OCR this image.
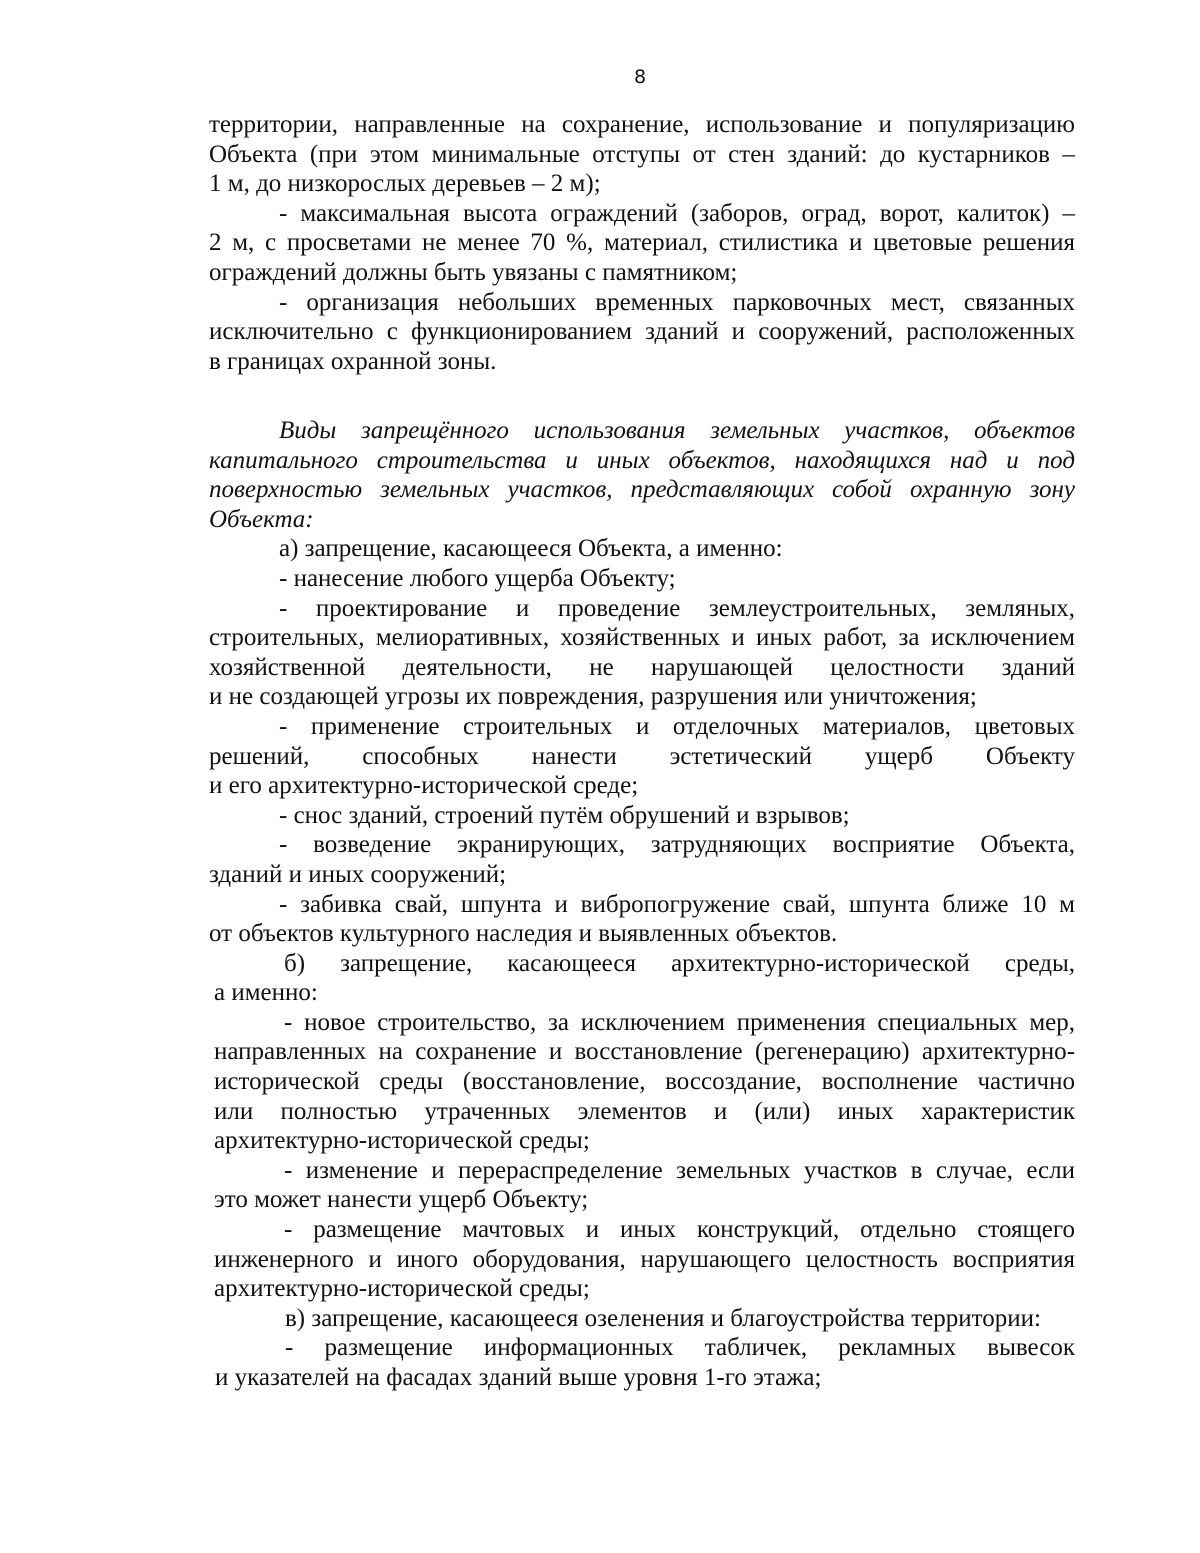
8
территории, направленные на сохранение, использование и популяризацию
Объекта (при этом минимальные отступы от стен зданий: до кустарников –
1 м, до низкорослых деревьев – 2 м);
- максимальная высота ограждений (заборов, оград, ворот, калиток) –
2 м, с просветами не менее 70 %, материал, стилистика и цветовые решения
ограждений должны быть увязаны с памятником;
- организация небольших временных парковочных мест, связанных
исключительно с функционированием зданий и сооружений, расположенных
в границах охранной зоны.
Виды запрещённого использования земельных участков, объектов
капитального строительства и иных объектов, находящихся над и под
поверхностью земельных участков, представляющих собой охранную зону
Объекта:
а) запрещение, касающееся Объекта, а именно:
- нанесение любого ущерба Объекту;
- проектирование и проведение землеустроительных, земляных,
строительных, мелиоративных, хозяйственных и иных работ, за исключением
хозяйственной деятельности, не нарушающей целостности зданий
и не создающей угрозы их повреждения, разрушения или уничтожения;
- применение строительных и отделочных материалов, цветовых
решений, способных нанести эстетический ущерб Объекту
и его архитектурно-исторической среде;
- снос зданий, строений путём обрушений и взрывов;
- возведение экранирующих, затрудняющих восприятие Объекта,
зданий и иных сооружений;
- забивка свай, шпунта и вибропогружение свай, шпунта ближе 10 м
от объектов культурного наследия и выявленных объектов.
б) запрещение, касающееся архитектурно-исторической среды,
а именно:
- новое строительство, за исключением применения специальных мер,
направленных на сохранение и восстановление (регенерацию) архитектурно-
исторической среды (восстановление, воссоздание, восполнение частично
или полностью утраченных элементов и (или) иных характеристик
архитектурно-исторической среды;
- изменение и перераспределение земельных участков в случае, если
это может нанести ущерб Объекту;
- размещение мачтовых и иных конструкций, отдельно стоящего
инженерного и иного оборудования, нарушающего целостность восприятия
архитектурно-исторической среды;
в) запрещение, касающееся озеленения и благоустройства территории:
- размещение информационных табличек, рекламных вывесок
и указателей на фасадах зданий выше уровня 1-го этажа;
